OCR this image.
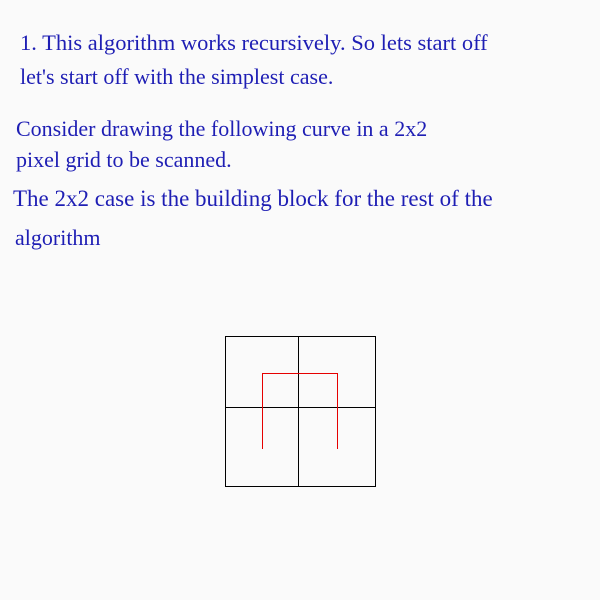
1. This algorithm works recursively. So lets start off

let's start off with the simplest case.

Consider drawing the following curve in a 2x2

pixel grid to be scanned.

The 2x2 case is the building block for the rest of the

algorithm
